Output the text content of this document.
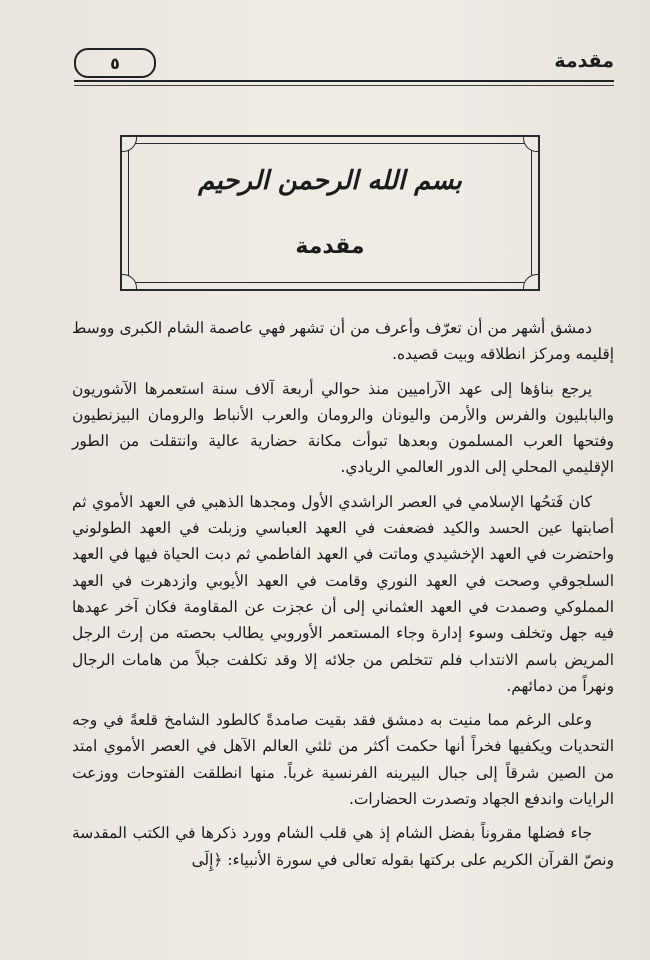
مقدمة
٥
بسم الله الرحمن الرحيم
مقدمة

دمشق أشهر من أن تعرّف وأعرف من أن تشهر فهي عاصمة الشام الكبرى ووسط إقليمه ومركز انطلاقه وبيت قصيده.

يرجع بناؤها إلى عهد الآراميين منذ حوالي أربعة آلاف سنة استعمرها الآشوريون والبابليون والفرس والأرمن واليونان والرومان والعرب الأنباط والرومان البيزنطيون وفتحها العرب المسلمون وبعدها تبوأت مكانة حضارية عالية وانتقلت من الطور الإقليمي المحلي إلى الدور العالمي الريادي.

كان فَتحُها الإسلامي في العصر الراشدي الأول ومجدها الذهبي في العهد الأموي ثم أصابتها عين الحسد والكيد فضعفت في العهد العباسي وزبلت في العهد الطولوني واحتضرت في العهد الإخشيدي وماتت في العهد الفاطمي ثم دبت الحياة فيها في العهد السلجوقي وصحت في العهد النوري وقامت في العهد الأيوبي وازدهرت في العهد المملوكي وصمدت في العهد العثماني إلى أن عجزت عن المقاومة فكان آخر عهدها فيه جهل وتخلف وسوء إدارة وجاء المستعمر الأوروبي يطالب بحصته من إرث الرجل المريض باسم الانتداب فلم تتخلص من جلائه إلا وقد تكلفت جبلاً من هامات الرجال ونهراً من دمائهم.

وعلى الرغم مما منيت به دمشق فقد بقيت صامدةً كالطود الشامخ قلعةً في وجه التحديات ويكفيها فخراً أنها حكمت أكثر من ثلثي العالم الآهل في العصر الأموي امتد من الصين شرقاً إلى جبال البيرينه الفرنسية غرباً. منها انطلقت الفتوحات ووزعت الرايات واندفع الجهاد وتصدرت الحضارات.

جاء فضلها مقروناً بفضل الشام إذ هي قلب الشام وورد ذكرها في الكتب المقدسة ونصّ القرآن الكريم على بركتها بقوله تعالى في سورة الأنبياء: ﴿إِلَى
